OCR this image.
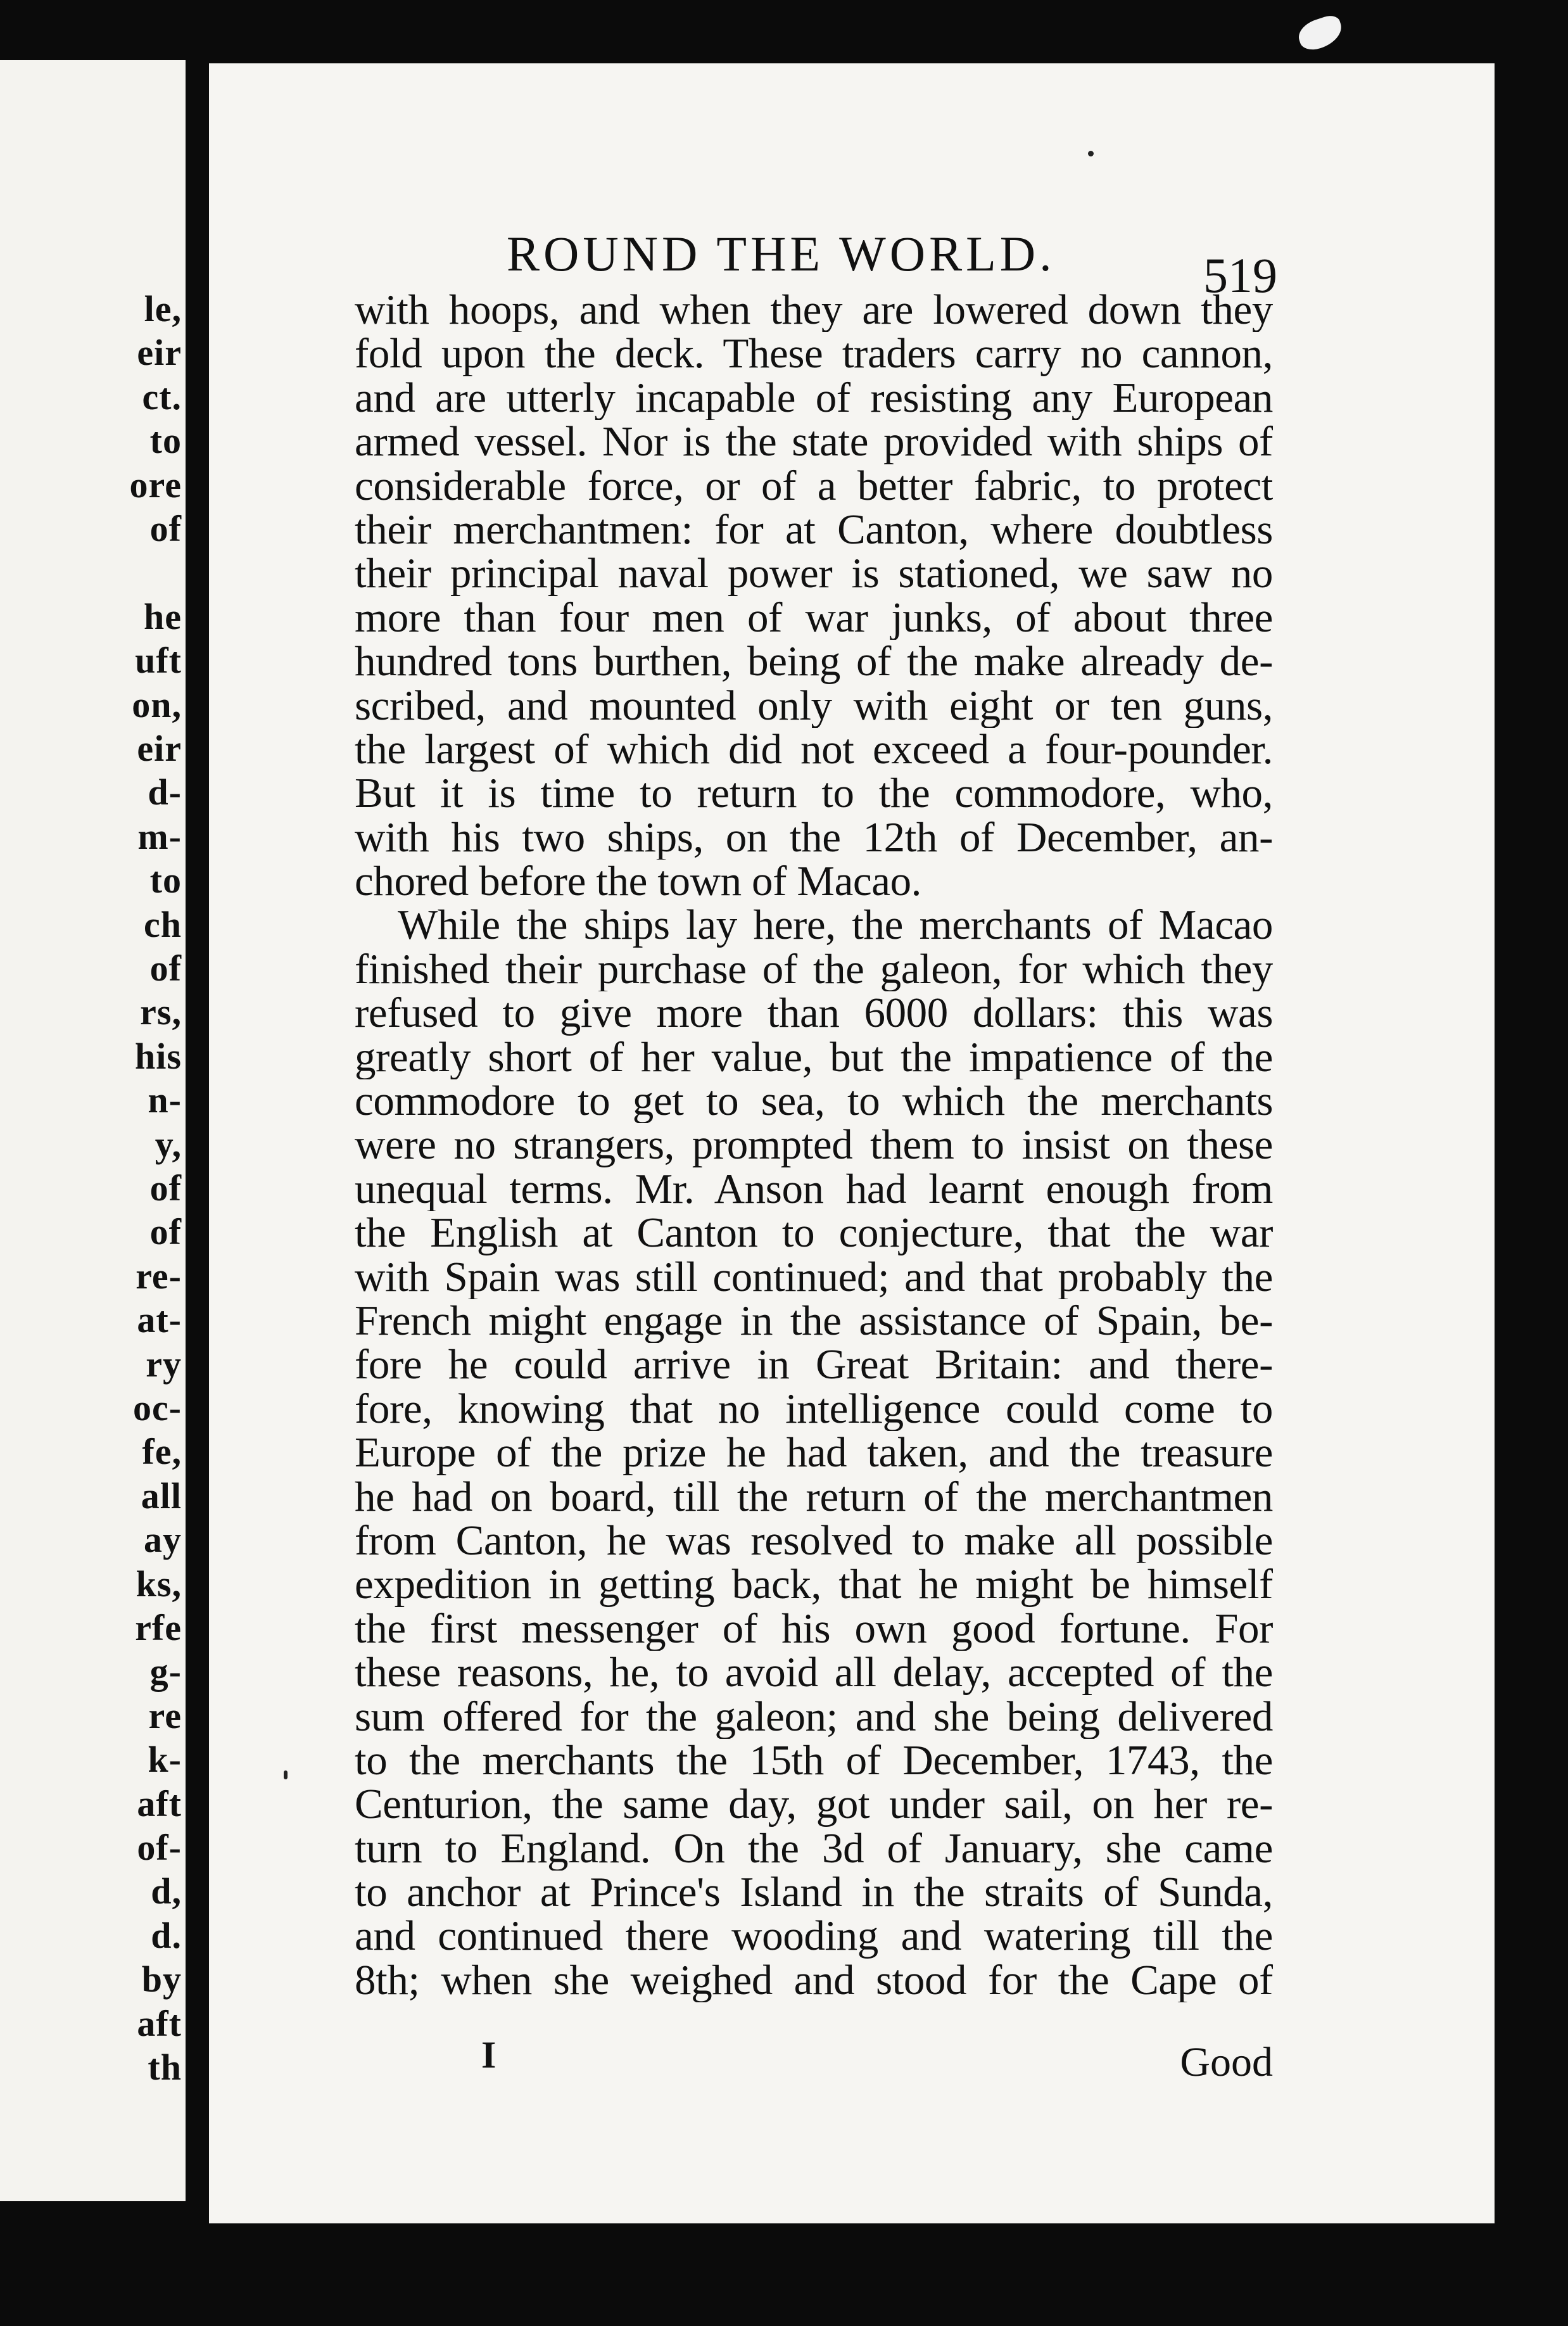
le,
eir
ct.
to
ore
of
he
uft
on,
eir
d-
m-
to
ch
of
rs,
his
n-
y,
of
of
re-
at-
ry
oc-
fe,
all
ay
ks,
rfe
g-
re
k-
aft
of-
d,
d.
by
aft
th
ROUND THE WORLD.	519
with hoops, and when they are lowered down they
fold upon the deck. These traders carry no cannon,
and are utterly incapable of resisting any European
armed vessel. Nor is the state provided with ships of
considerable force, or of a better fabric, to protect
their merchantmen: for at Canton, where doubtless
their principal naval power is stationed, we saw no
more than four men of war junks, of about three
hundred tons burthen, being of the make already de-
scribed, and mounted only with eight or ten guns,
the largest of which did not exceed a four-pounder.
But it is time to return to the commodore, who,
with his two ships, on the 12th of December, an-
chored before the town of Macao.
While the ships lay here, the merchants of Macao
finished their purchase of the galeon, for which they
refused to give more than 6000 dollars: this was
greatly short of her value, but the impatience of the
commodore to get to sea, to which the merchants
were no strangers, prompted them to insist on these
unequal terms. Mr. Anson had learnt enough from
the English at Canton to conjecture, that the war
with Spain was still continued; and that probably the
French might engage in the assistance of Spain, be-
fore he could arrive in Great Britain: and there-
fore, knowing that no intelligence could come to
Europe of the prize he had taken, and the treasure
he had on board, till the return of the merchantmen
from Canton, he was resolved to make all possible
expedition in getting back, that he might be himself
the first messenger of his own good fortune. For
these reasons, he, to avoid all delay, accepted of the
sum offered for the galeon; and she being delivered
to the merchants the 15th of December, 1743, the
Centurion, the same day, got under sail, on her re-
turn to England. On the 3d of January, she came
to anchor at Prince's Island in the straits of Sunda,
and continued there wooding and watering till the
8th; when she weighed and stood for the Cape of
I	Good
